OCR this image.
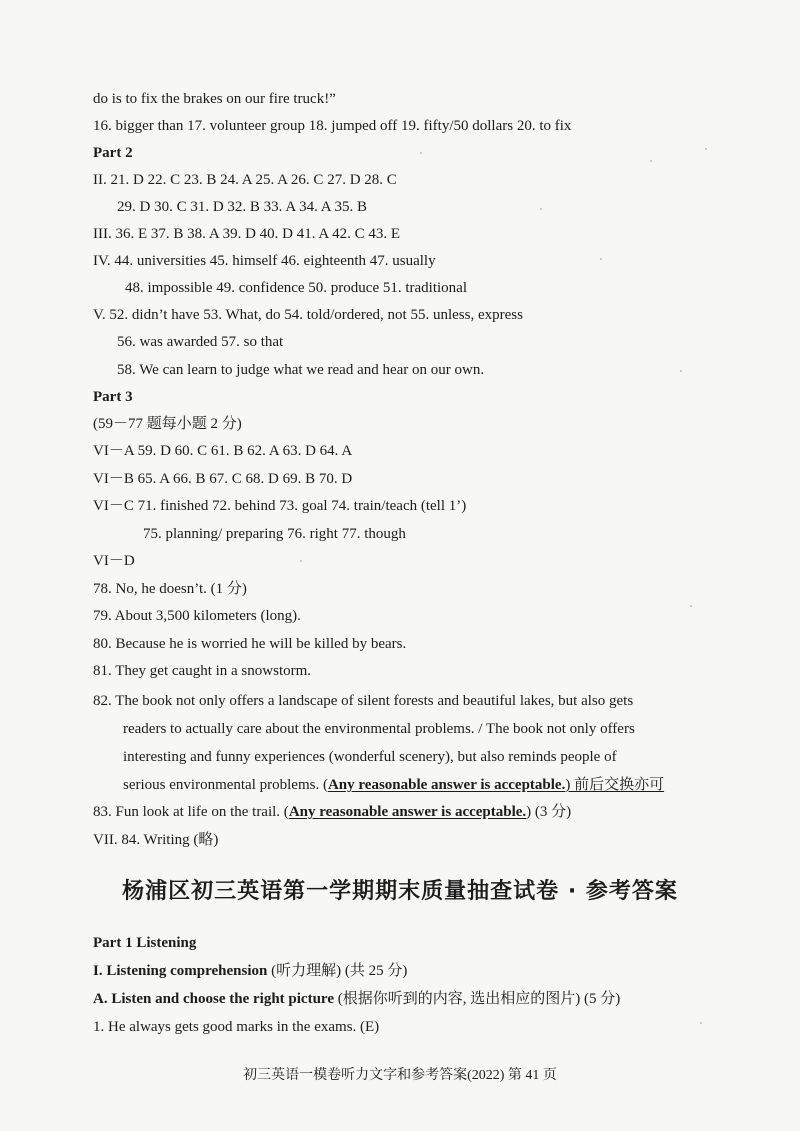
do is to fix the brakes on our fire truck!”
16. bigger than 17. volunteer group 18. jumped off 19. fifty/50 dollars 20. to fix
Part 2
II. 21. D 22. C 23. B 24. A 25. A 26. C 27. D 28. C
29. D 30. C 31. D 32. B 33. A 34. A 35. B
III. 36. E 37. B 38. A 39. D 40. D 41. A 42. C 43. E
IV. 44. universities 45. himself 46. eighteenth 47. usually
48. impossible 49. confidence 50. produce 51. traditional
V. 52. didn’t have 53. What, do 54. told/ordered, not 55. unless, express
56. was awarded 57. so that
58. We can learn to judge what we read and hear on our own.
Part 3
(59－77 题每小题 2 分)
VI－A 59. D 60. C 61. B 62. A 63. D 64. A
VI－B 65. A 66. B 67. C 68. D 69. B 70. D
VI－C 71. finished 72. behind 73. goal 74. train/teach (tell 1’)
75. planning/ preparing 76. right 77. though
VI－D
78. No, he doesn’t. (1 分)
79. About 3,500 kilometers (long).
80. Because he is worried he will be killed by bears.
81. They get caught in a snowstorm.
82. The book not only offers a landscape of silent forests and beautiful lakes, but also gets
readers to actually care about the environmental problems. / The book not only offers
interesting and funny experiences (wonderful scenery), but also reminds people of
serious environmental problems. (Any reasonable answer is acceptable.) 前后交换亦可
83. Fun look at life on the trail. (Any reasonable answer is acceptable.) (3 分)
VII. 84. Writing (略)
杨浦区初三英语第一学期期末质量抽查试卷 · 参考答案
Part 1 Listening
I. Listening comprehension (听力理解) (共 25 分)
A. Listen and choose the right picture (根据你听到的内容, 选出相应的图片) (5 分)
1. He always gets good marks in the exams. (E)
初三英语一模卷听力文字和参考答案(2022) 第 41 页
